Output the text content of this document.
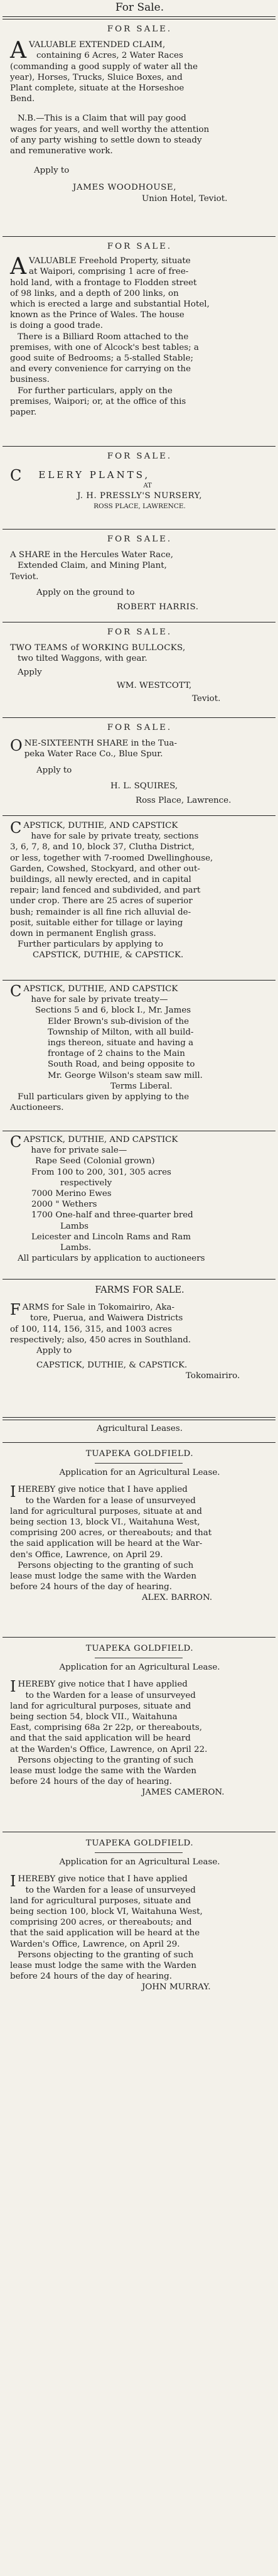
For Sale.

FOR SALE.

AVALUABLE EXTENDED CLAIM,

containing 6 Acres, 2 Water Races

(commanding a good supply of water all the

year), Horses, Trucks, Sluice Boxes, and

Plant complete, situate at the Horseshoe

Bend.

N.B.—This is a Claim that will pay good

wages for years, and well worthy the attention

of any party wishing to settle down to steady

and remunerative work.

Apply to

JAMES WOODHOUSE,

Union Hotel, Teviot.

FOR SALE.

AVALUABLE Freehold Property, situate

at Waipori, comprising 1 acre of free-

hold land, with a frontage to Flodden street

of 98 links, and a depth of 200 links, on

which is erected a large and substantial Hotel,

known as the Prince of Wales. The house

is doing a good trade.

There is a Billiard Room attached to the

premises, with one of Alcock's best tables; a

good suite of Bedrooms; a 5-stalled Stable;

and every convenience for carrying on the

business.

For further particulars, apply on the

premises, Waipori; or, at the office of this

paper.

FOR SALE.

C ELERY PLANTS,

AT

J. H. PRESSLY'S NURSERY,

ROSS PLACE, LAWRENCE.

FOR SALE.

A SHARE in the Hercules Water Race,

Extended Claim, and Mining Plant,

Teviot.

Apply on the ground to

ROBERT HARRIS.

FOR SALE.

TWO TEAMS of WORKING BULLOCKS,

two tilted Waggons, with gear.

Apply

WM. WESTCOTT,

Teviot.

FOR SALE.

ONE-SIXTEENTH SHARE in the Tua-

peka Water Race Co., Blue Spur.

Apply to

H. L. SQUIRES,

Ross Place, Lawrence.

CAPSTICK, DUTHIE, AND CAPSTICK

have for sale by private treaty, sections

3, 6, 7, 8, and 10, block 37, Clutha District,

or less, together with 7-roomed Dwellinghouse,

Garden, Cowshed, Stockyard, and other out-

buildings, all newly erected, and in capital

repair; land fenced and subdivided, and part

under crop. There are 25 acres of superior

bush; remainder is all fine rich alluvial de-

posit, suitable either for tillage or laying

down in permanent English grass.

Further particulars by applying to

CAPSTICK, DUTHIE, & CAPSTICK.

CAPSTICK, DUTHIE, AND CAPSTICK

have for sale by private treaty—

Sections 5 and 6, block I., Mr. James

Elder Brown's sub-division of the

Township of Milton, with all build-

ings thereon, situate and having a

frontage of 2 chains to the Main

South Road, and being opposite to

Mr. George Wilson's steam saw mill.

Terms Liberal.

Full particulars given by applying to the

Auctioneers.

CAPSTICK, DUTHIE, AND CAPSTICK

have for private sale—

Rape Seed (Colonial grown)

From 100 to 200, 301, 305 acres

respectively

7000 Merino Ewes

2000 " Wethers

1700 One-half and three-quarter bred

Lambs

Leicester and Lincoln Rams and Ram

Lambs.

All particulars by application to auctioneers

FARMS FOR SALE.

FARMS for Sale in Tokomairiro, Aka-

tore, Puerua, and Waiwera Districts

of 100, 114, 156, 315, and 1003 acres

respectively; also, 450 acres in Southland.

Apply to

CAPSTICK, DUTHIE, & CAPSTICK.

Tokomairiro.

Agricultural Leases.

TUAPEKA GOLDFIELD.

Application for an Agricultural Lease.

I HEREBY give notice that I have applied

to the Warden for a lease of unsurveyed

land for agricultural purposes, situate at and

being section 13, block VI., Waitahuna West,

comprising 200 acres, or thereabouts; and that

the said application will be heard at the War-

den's Office, Lawrence, on April 29.

Persons objecting to the granting of such

lease must lodge the same with the Warden

before 24 hours of the day of hearing.

ALEX. BARRON.

TUAPEKA GOLDFIELD.

Application for an Agricultural Lease.

I HEREBY give notice that I have applied

to the Warden for a lease of unsurveyed

land for agricultural purposes, situate and

being section 54, block VII., Waitahuna

East, comprising 68a 2r 22p, or thereabouts,

and that the said application will be heard

at the Warden's Office, Lawrence, on April 22.

Persons objecting to the granting of such

lease must lodge the same with the Warden

before 24 hours of the day of hearing.

JAMES CAMERON.

TUAPEKA GOLDFIELD.

Application for an Agricultural Lease.

I HEREBY give notice that I have applied

to the Warden for a lease of unsurveyed

land for agricultural purposes, situate and

being section 100, block VI, Waitahuna West,

comprising 200 acres, or thereabouts; and

that the said application will be heard at the

Warden's Office, Lawrence, on April 29.

Persons objecting to the granting of such

lease must lodge the same with the Warden

before 24 hours of the day of hearing.

JOHN MURRAY.
